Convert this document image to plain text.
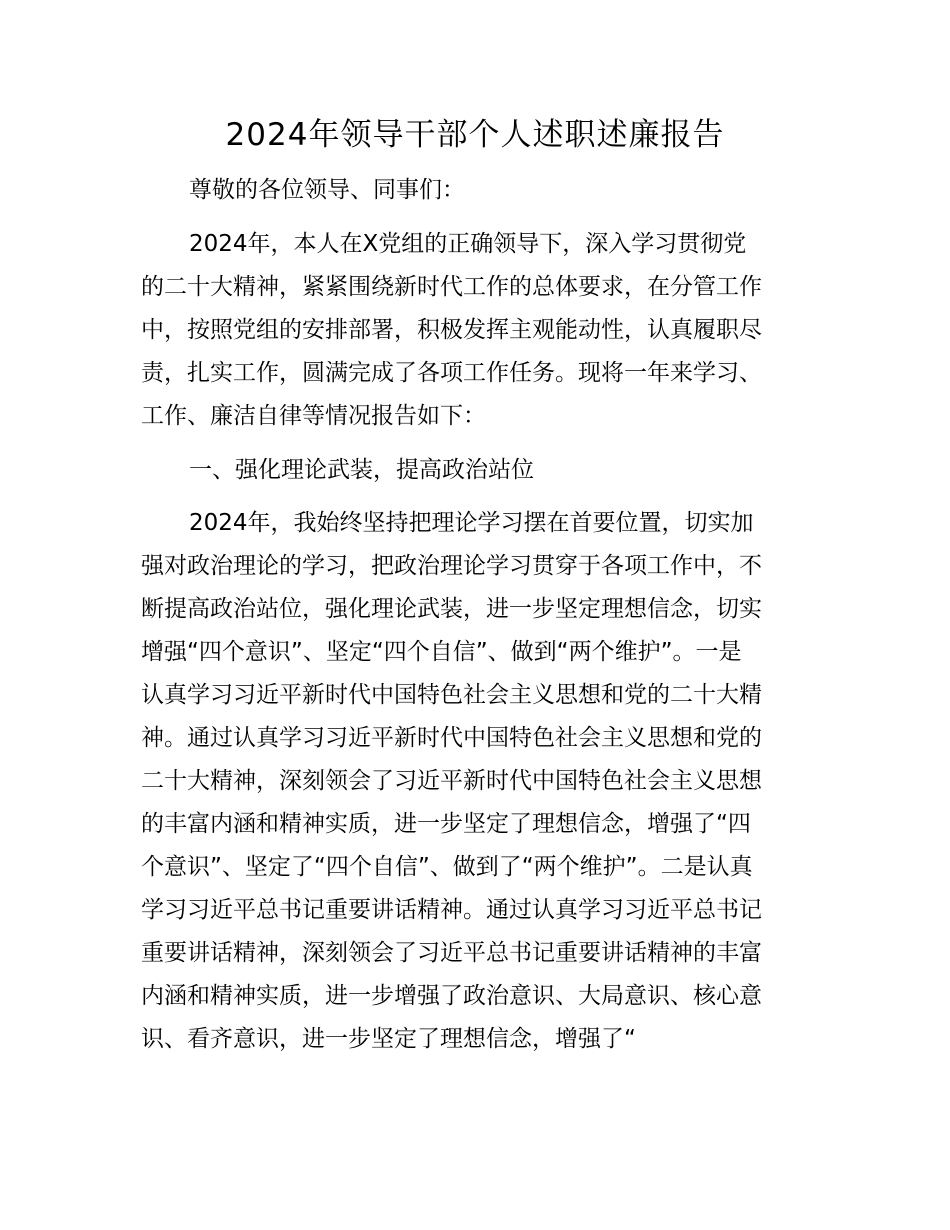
2024年领导干部个人述职述廉报告

尊敬的各位领导、同事们：

2024年，本人在X党组的正确领导下，深入学习贯彻党

的二十大精神，紧紧围绕新时代工作的总体要求，在分管工作

中，按照党组的安排部署，积极发挥主观能动性，认真履职尽

责，扎实工作，圆满完成了各项工作任务。现将一年来学习、

工作、廉洁自律等情况报告如下：

一、强化理论武装，提高政治站位

2024年，我始终坚持把理论学习摆在首要位置，切实加

强对政治理论的学习，把政治理论学习贯穿于各项工作中，不

断提高政治站位，强化理论武装，进一步坚定理想信念，切实

增强“四个意识”、坚定“四个自信”、做到“两个维护”。一是

认真学习习近平新时代中国特色社会主义思想和党的二十大精

神。通过认真学习习近平新时代中国特色社会主义思想和党的

二十大精神，深刻领会了习近平新时代中国特色社会主义思想

的丰富内涵和精神实质，进一步坚定了理想信念，增强了“四

个意识”、坚定了“四个自信”、做到了“两个维护”。二是认真

学习习近平总书记重要讲话精神。通过认真学习习近平总书记

重要讲话精神，深刻领会了习近平总书记重要讲话精神的丰富

内涵和精神实质，进一步增强了政治意识、大局意识、核心意

识、看齐意识，进一步坚定了理想信念，增强了“
